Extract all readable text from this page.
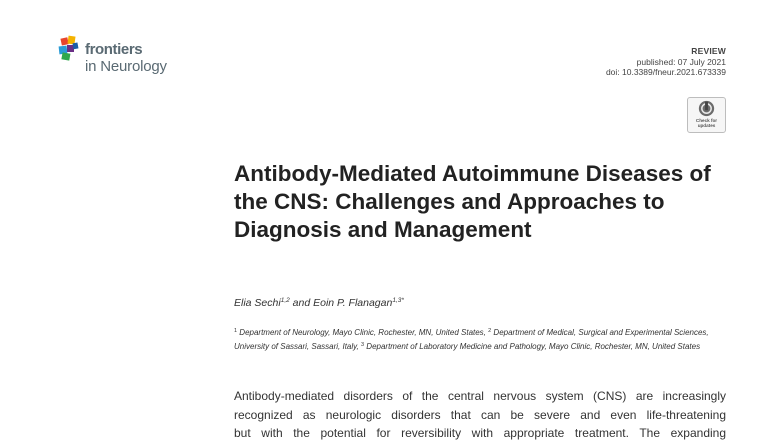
frontiers
in Neurology
REVIEW
published: 07 July 2021
doi: 10.3389/fneur.2021.673339
Check for updates
Antibody-Mediated Autoimmune Diseases of the CNS: Challenges and Approaches to Diagnosis and Management
Elia Sechi$^{1,2}$ and Eoin P. Flanagan$^{1,3*}$
$^1$ Department of Neurology, Mayo Clinic, Rochester, MN, United States, $^2$ Department of Medical, Surgical and Experimental Sciences, University of Sassari, Sassari, Italy, $^3$ Department of Laboratory Medicine and Pathology, Mayo Clinic, Rochester, MN, United States
Antibody-mediated disorders of the central nervous system (CNS) are increasingly
recognized as neurologic disorders that can be severe and even life-threatening
but with the potential for reversibility with appropriate treatment. The expanding
